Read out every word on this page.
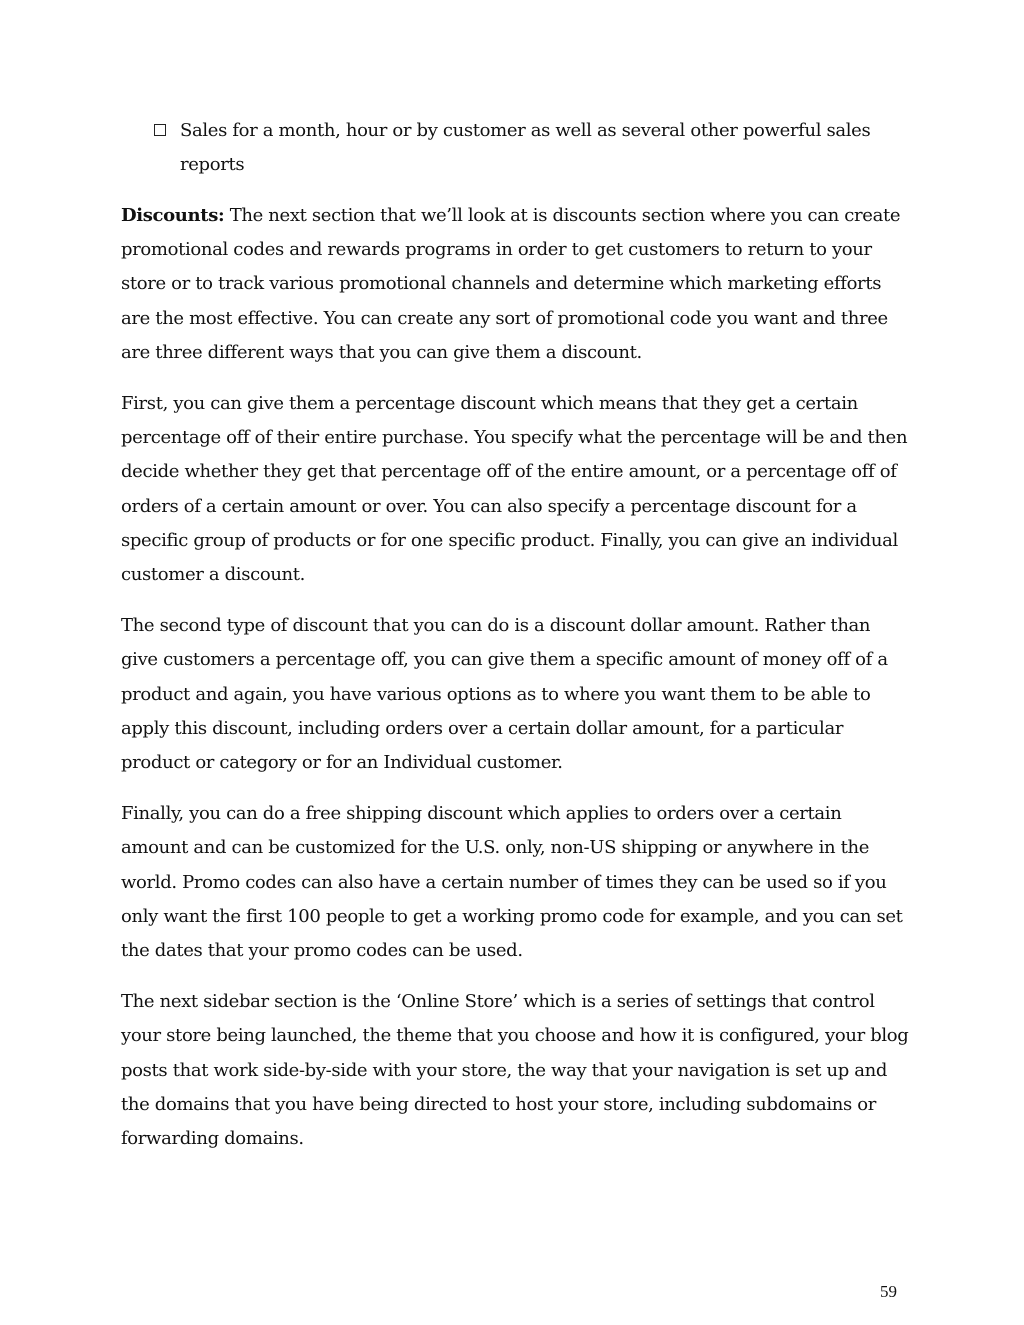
Sales for a month, hour or by customer as well as several other powerful sales reports

Discounts: The next section that we’ll look at is discounts section where you can create promotional codes and rewards programs in order to get customers to return to your store or to track various promotional channels and determine which marketing efforts are the most effective. You can create any sort of promotional code you want and three are three different ways that you can give them a discount.

First, you can give them a percentage discount which means that they get a certain percentage off of their entire purchase. You specify what the percentage will be and then decide whether they get that percentage off of the entire amount, or a percentage off of orders of a certain amount or over. You can also specify a percentage discount for a specific group of products or for one specific product. Finally, you can give an individual customer a discount.

The second type of discount that you can do is a discount dollar amount. Rather than give customers a percentage off, you can give them a specific amount of money off of a product and again, you have various options as to where you want them to be able to apply this discount, including orders over a certain dollar amount, for a particular product or category or for an Individual customer.

Finally, you can do a free shipping discount which applies to orders over a certain amount and can be customized for the U.S. only, non-US shipping or anywhere in the world. Promo codes can also have a certain number of times they can be used so if you only want the first 100 people to get a working promo code for example, and you can set the dates that your promo codes can be used.

The next sidebar section is the ‘Online Store’ which is a series of settings that control your store being launched, the theme that you choose and how it is configured, your blog posts that work side-by-side with your store, the way that your navigation is set up and the domains that you have being directed to host your store, including subdomains or forwarding domains.

59
